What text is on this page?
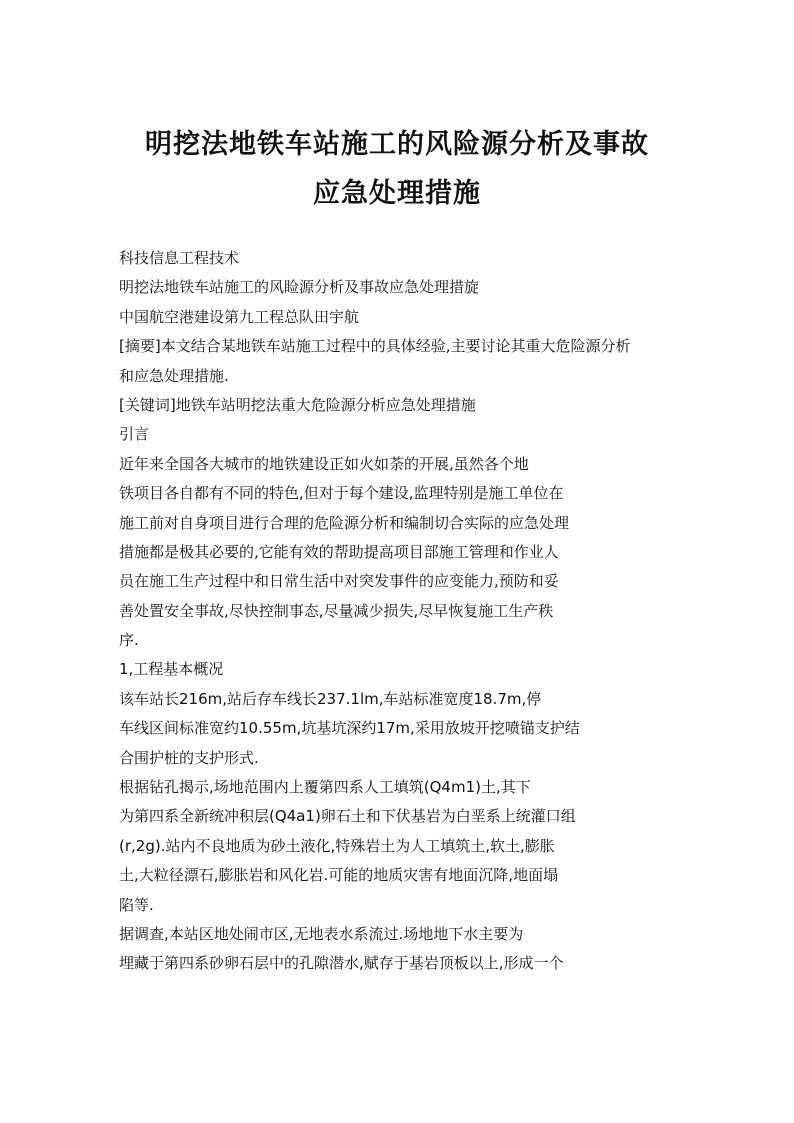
明挖法地铁车站施工的风险源分析及事故
应急处理措施
科技信息工程技术
明挖法地铁车站施工的风睑源分析及事故应急处理措旋
中国航空港建设第九工程总队田宇航
[摘要]本文结合某地铁车站施工过程中的具体经验,主要讨论其重大危险源分析
和应急处理措施.
[关键词]地铁车站明挖法重大危险源分析应急处理措施
引言
近年来全国各大城市的地铁建设正如火如荼的开展,虽然各个地
铁项目各自都有不同的特色,但对于每个建设,监理特别是施工单位在
施工前对自身项目进行合理的危险源分析和编制切合实际的应急处理
措施都是极其必要的,它能有效的帮助提高项目部施工管理和作业人
员在施工生产过程中和日常生活中对突发事件的应变能力,预防和妥
善处置安全事故,尽快控制事态,尽量减少损失,尽早恢复施工生产秩
序.
1,工程基本概况
该车站长216m,站后存车线长237.1lm,车站标准宽度18.7m,停
车线区间标准宽约10.55m,坑基坑深约17m,采用放坡开挖喷锚支护结
合围护桩的支护形式.
根据钻孔揭示,场地范围内上覆第四系人工填筑(Q4m1)土,其下
为第四系全新统冲积层(Q4a1)卵石土和下伏基岩为白垩系上统灌口组
(r,2g).站内不良地质为砂土液化,特殊岩土为人工填筑土,软土,膨胀
土,大粒径漂石,膨胀岩和风化岩.可能的地质灾害有地面沉降,地面塌
陷等.
据调查,本站区地处闹市区,无地表水系流过.场地地下水主要为
埋藏于第四系砂卵石层中的孔隙潜水,赋存于基岩顶板以上,形成一个
